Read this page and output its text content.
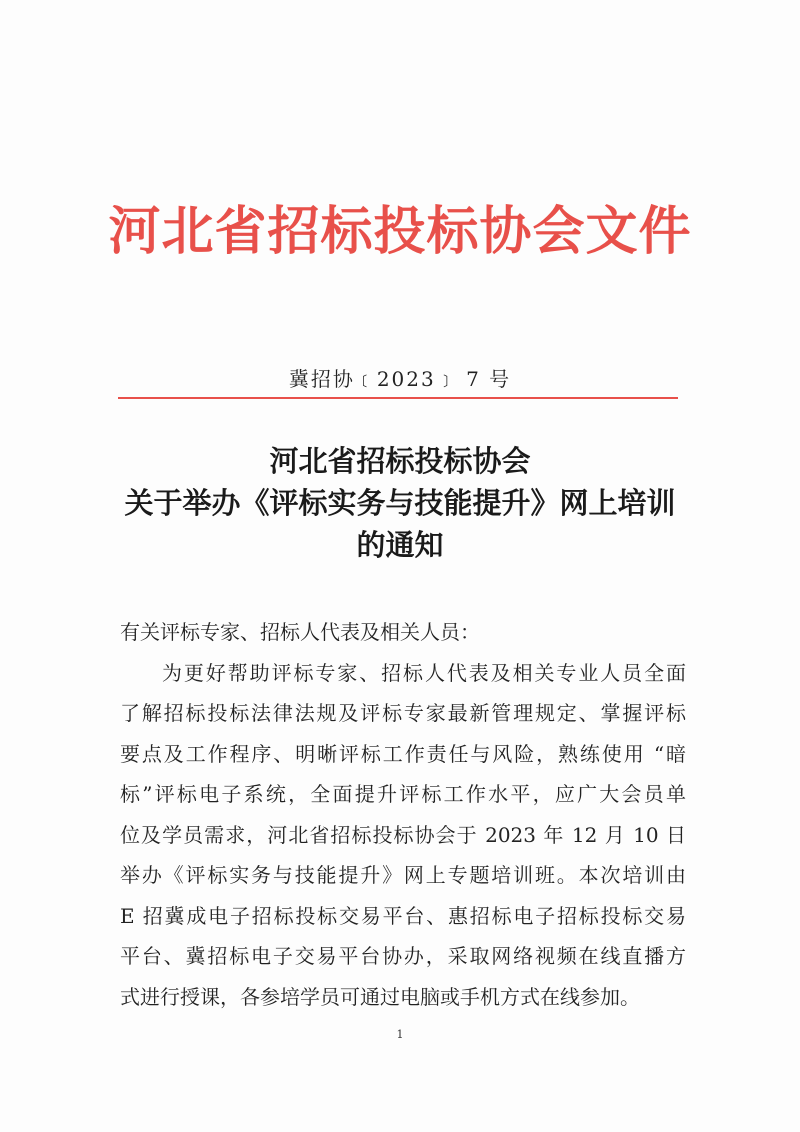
河北省招标投标协会文件
冀招协﹝2023﹞ 7 号
河北省招标投标协会
关于举办《评标实务与技能提升》网上培训
的通知
有关评标专家、招标人代表及相关人员：
为更好帮助评标专家、招标人代表及相关专业人员全面
了解招标投标法律法规及评标专家最新管理规定、掌握评标
要点及工作程序、明晰评标工作责任与风险，熟练使用 “暗
标”评标电子系统，全面提升评标工作水平，应广大会员单
位及学员需求，河北省招标投标协会于 2023 年 12 月 10 日
举办《评标实务与技能提升》网上专题培训班。本次培训由
E 招冀成电子招标投标交易平台、惠招标电子招标投标交易
平台、冀招标电子交易平台协办，采取网络视频在线直播方
式进行授课，各参培学员可通过电脑或手机方式在线参加。
1
